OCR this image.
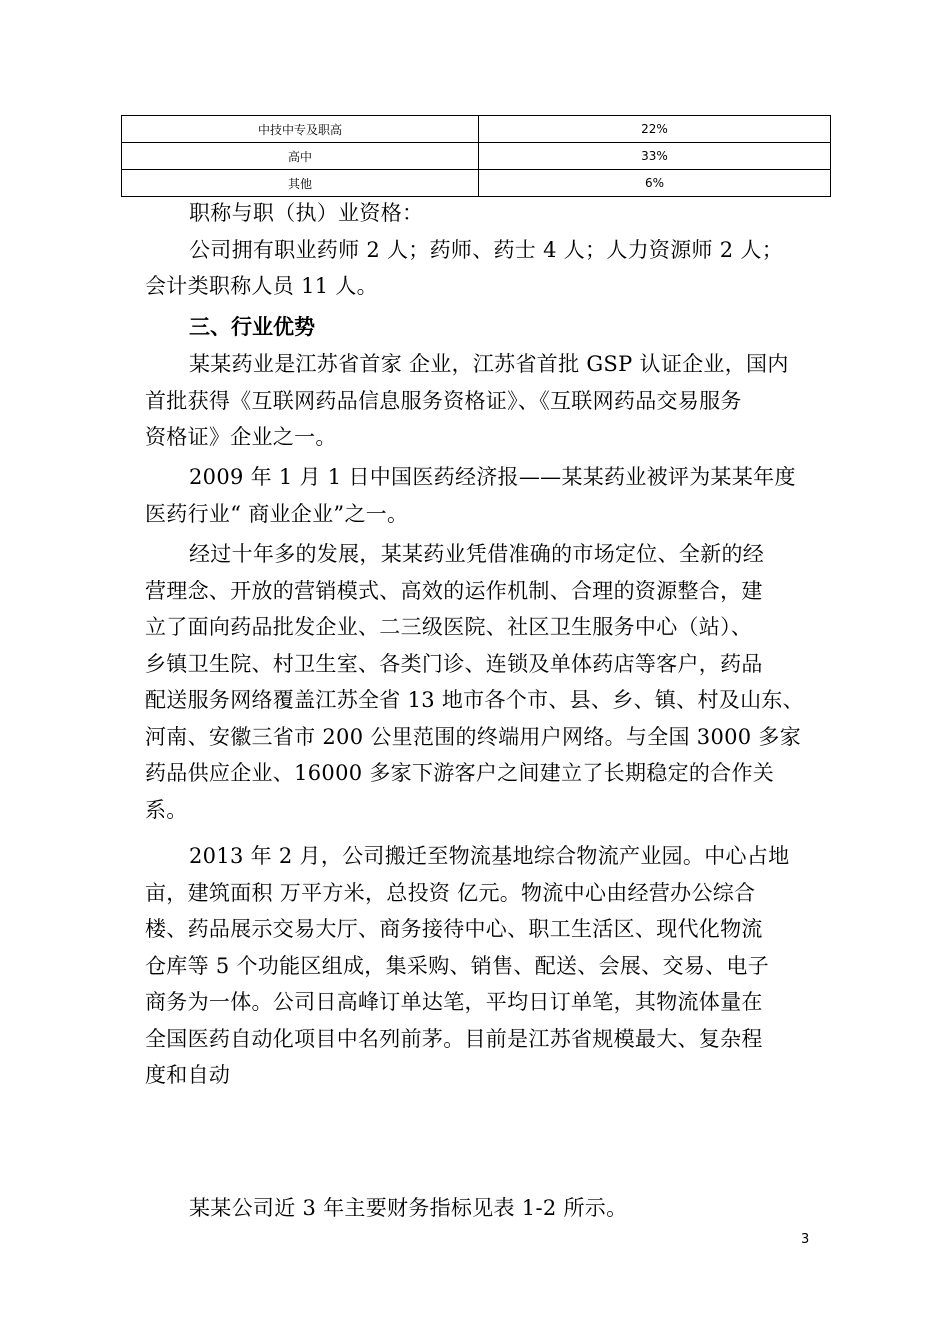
中技中专及职高	22%
高中	33%
其他	6%
职称与职（执）业资格：
公司拥有职业药师 2 人；药师、药士 4 人；人力资源师 2 人；
会计类职称人员 11 人。
三、行业优势
某某药业是江苏省首家 企业，江苏省首批 GSP 认证企业，国内
首批获得《互联网药品信息服务资格证》、《互联网药品交易服务
资格证》企业之一。
2009 年 1 月 1 日中国医药经济报——某某药业被评为某某年度
医药行业“ 商业企业”之一。
经过十年多的发展，某某药业凭借准确的市场定位、全新的经
营理念、开放的营销模式、高效的运作机制、合理的资源整合，建
立了面向药品批发企业、二三级医院、社区卫生服务中心（站）、
乡镇卫生院、村卫生室、各类门诊、连锁及单体药店等客户，药品
配送服务网络覆盖江苏全省 13 地市各个市、县、乡、镇、村及山东、
河南、安徽三省市 200 公里范围的终端用户网络。与全国 3000 多家
药品供应企业、16000 多家下游客户之间建立了长期稳定的合作关
系。
2013 年 2 月，公司搬迁至物流基地综合物流产业园。中心占地
亩，建筑面积 万平方米，总投资 亿元。物流中心由经营办公综合
楼、药品展示交易大厅、商务接待中心、职工生活区、现代化物流
仓库等 5 个功能区组成，集采购、销售、配送、会展、交易、电子
商务为一体。公司日高峰订单达笔，平均日订单笔，其物流体量在
全国医药自动化项目中名列前茅。目前是江苏省规模最大、复杂程
度和自动
某某公司近 3 年主要财务指标见表 1-2 所示。
3
